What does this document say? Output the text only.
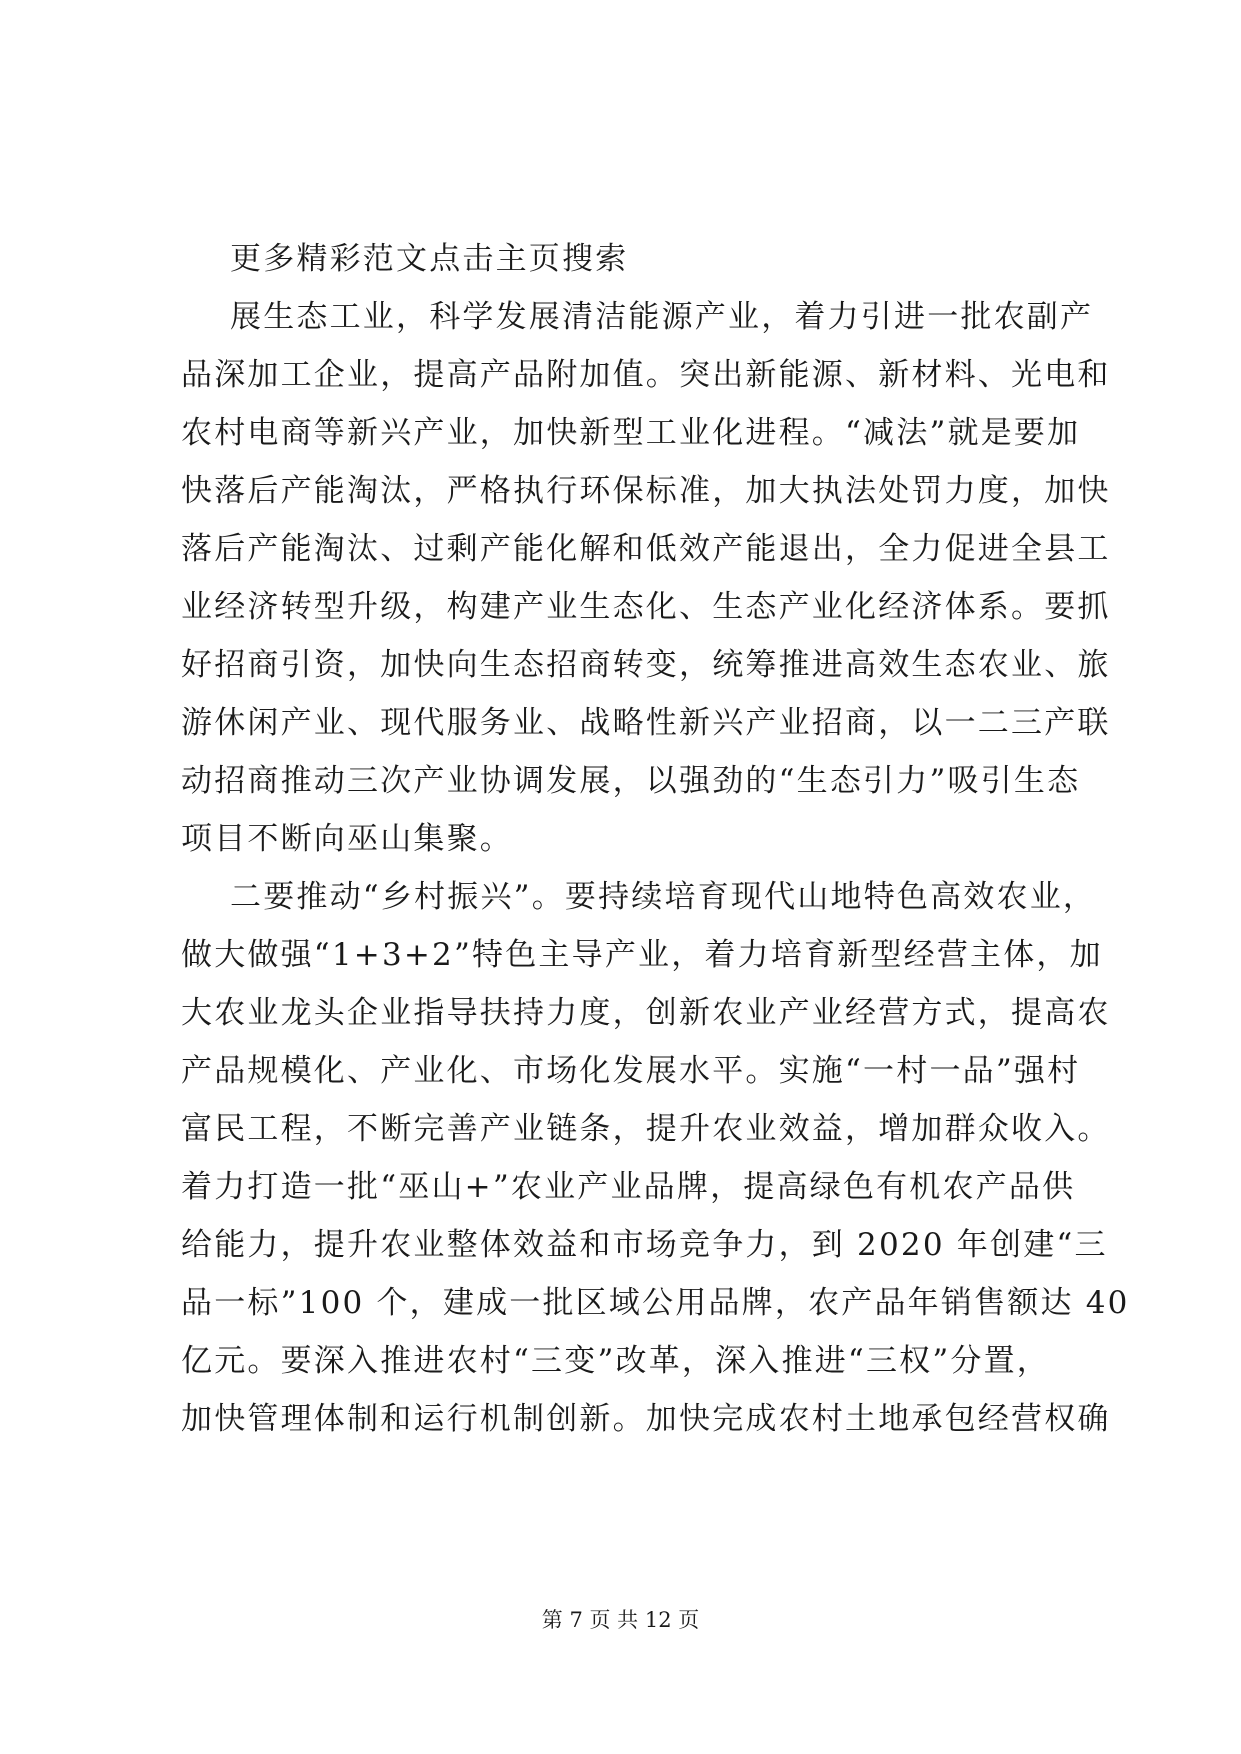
更多精彩范文点击主页搜索
展生态工业，科学发展清洁能源产业，着力引进一批农副产
品深加工企业，提高产品附加值。突出新能源、新材料、光电和
农村电商等新兴产业，加快新型工业化进程。“减法”就是要加
快落后产能淘汰，严格执行环保标准，加大执法处罚力度，加快
落后产能淘汰、过剩产能化解和低效产能退出，全力促进全县工
业经济转型升级，构建产业生态化、生态产业化经济体系。要抓
好招商引资，加快向生态招商转变，统筹推进高效生态农业、旅
游休闲产业、现代服务业、战略性新兴产业招商，以一二三产联
动招商推动三次产业协调发展，以强劲的“生态引力”吸引生态
项目不断向巫山集聚。
二要推动“乡村振兴”。要持续培育现代山地特色高效农业，
做大做强“1+3+2”特色主导产业，着力培育新型经营主体，加
大农业龙头企业指导扶持力度，创新农业产业经营方式，提高农
产品规模化、产业化、市场化发展水平。实施“一村一品”强村
富民工程，不断完善产业链条，提升农业效益，增加群众收入。
着力打造一批“巫山+”农业产业品牌，提高绿色有机农产品供
给能力，提升农业整体效益和市场竞争力，到 2020 年创建“三
品一标”100 个，建成一批区域公用品牌，农产品年销售额达 40
亿元。要深入推进农村“三变”改革，深入推进“三权”分置，
加快管理体制和运行机制创新。加快完成农村土地承包经营权确
第 7 页 共 12 页
